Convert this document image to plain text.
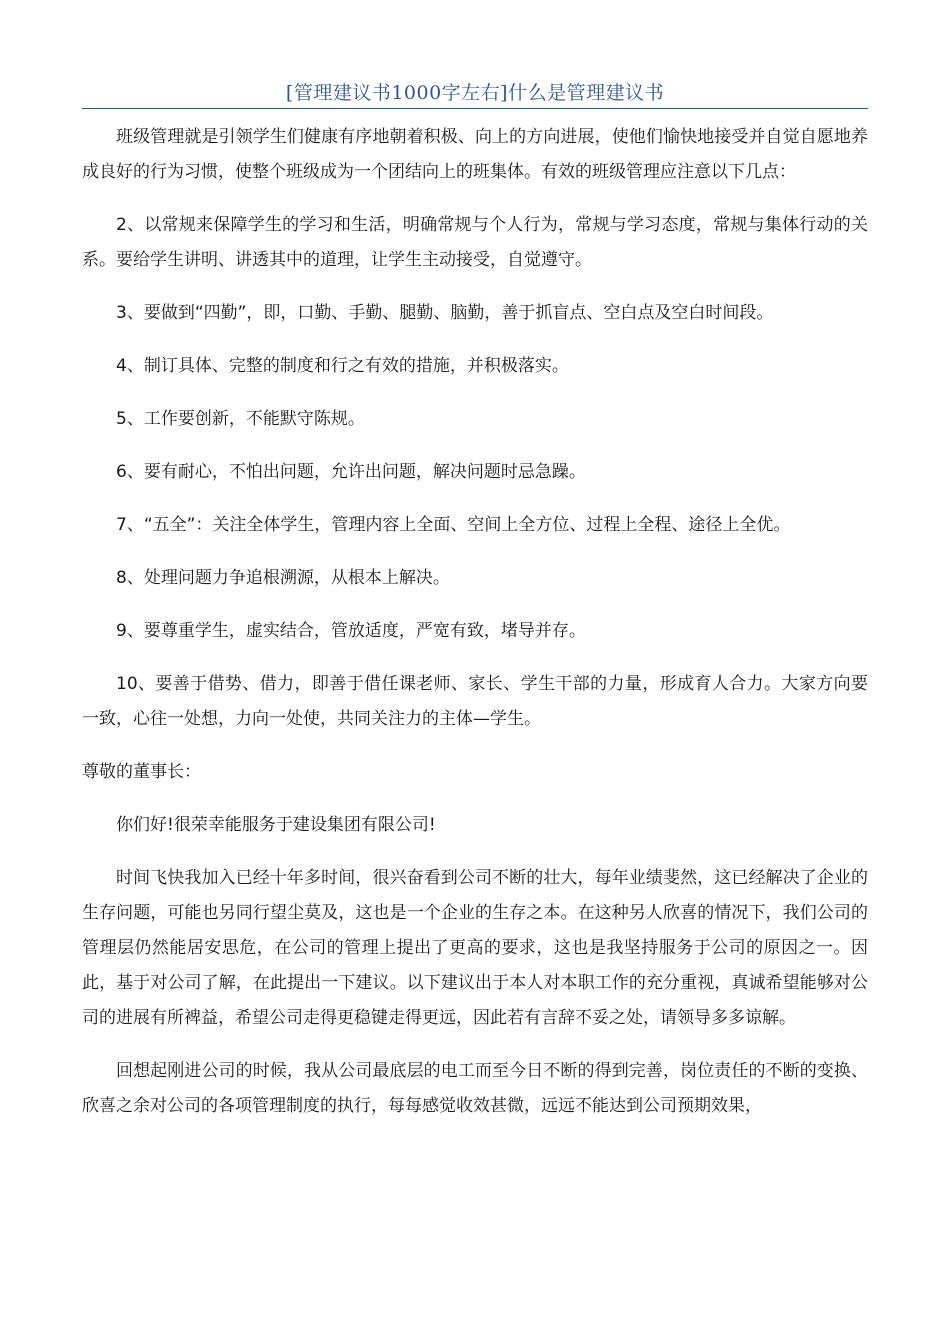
[管理建议书1000字左右]什么是管理建议书

班级管理就是引领学生们健康有序地朝着积极、向上的方向进展，使他们愉快地接受并自觉自愿地养成良好的行为习惯，使整个班级成为一个团结向上的班集体。有效的班级管理应注意以下几点：

2、以常规来保障学生的学习和生活，明确常规与个人行为，常规与学习态度，常规与集体行动的关系。要给学生讲明、讲透其中的道理，让学生主动接受，自觉遵守。

3、要做到“四勤”，即，口勤、手勤、腿勤、脑勤，善于抓盲点、空白点及空白时间段。

4、制订具体、完整的制度和行之有效的措施，并积极落实。

5、工作要创新，不能默守陈规。

6、要有耐心，不怕出问题，允许出问题，解决问题时忌急躁。

7、“五全”：关注全体学生，管理内容上全面、空间上全方位、过程上全程、途径上全优。

8、处理问题力争追根溯源，从根本上解决。

9、要尊重学生，虚实结合，管放适度，严宽有致，堵导并存。

10、要善于借势、借力，即善于借任课老师、家长、学生干部的力量，形成育人合力。大家方向要一致，心往一处想，力向一处使，共同关注力的主体—学生。

尊敬的董事长：

你们好!很荣幸能服务于建设集团有限公司!

时间飞快我加入已经十年多时间，很兴奋看到公司不断的壮大，每年业绩斐然，这已经解决了企业的生存问题，可能也另同行望尘莫及，这也是一个企业的生存之本。在这种另人欣喜的情况下，我们公司的管理层仍然能居安思危，在公司的管理上提出了更高的要求，这也是我坚持服务于公司的原因之一。因此，基于对公司了解，在此提出一下建议。以下建议出于本人对本职工作的充分重视，真诚希望能够对公司的进展有所裨益，希望公司走得更稳键走得更远，因此若有言辞不妥之处，请领导多多谅解。

回想起刚进公司的时候，我从公司最底层的电工而至今日不断的得到完善，岗位责任的不断的变换、欣喜之余对公司的各项管理制度的执行，每每感觉收效甚微，远远不能达到公司预期效果，
